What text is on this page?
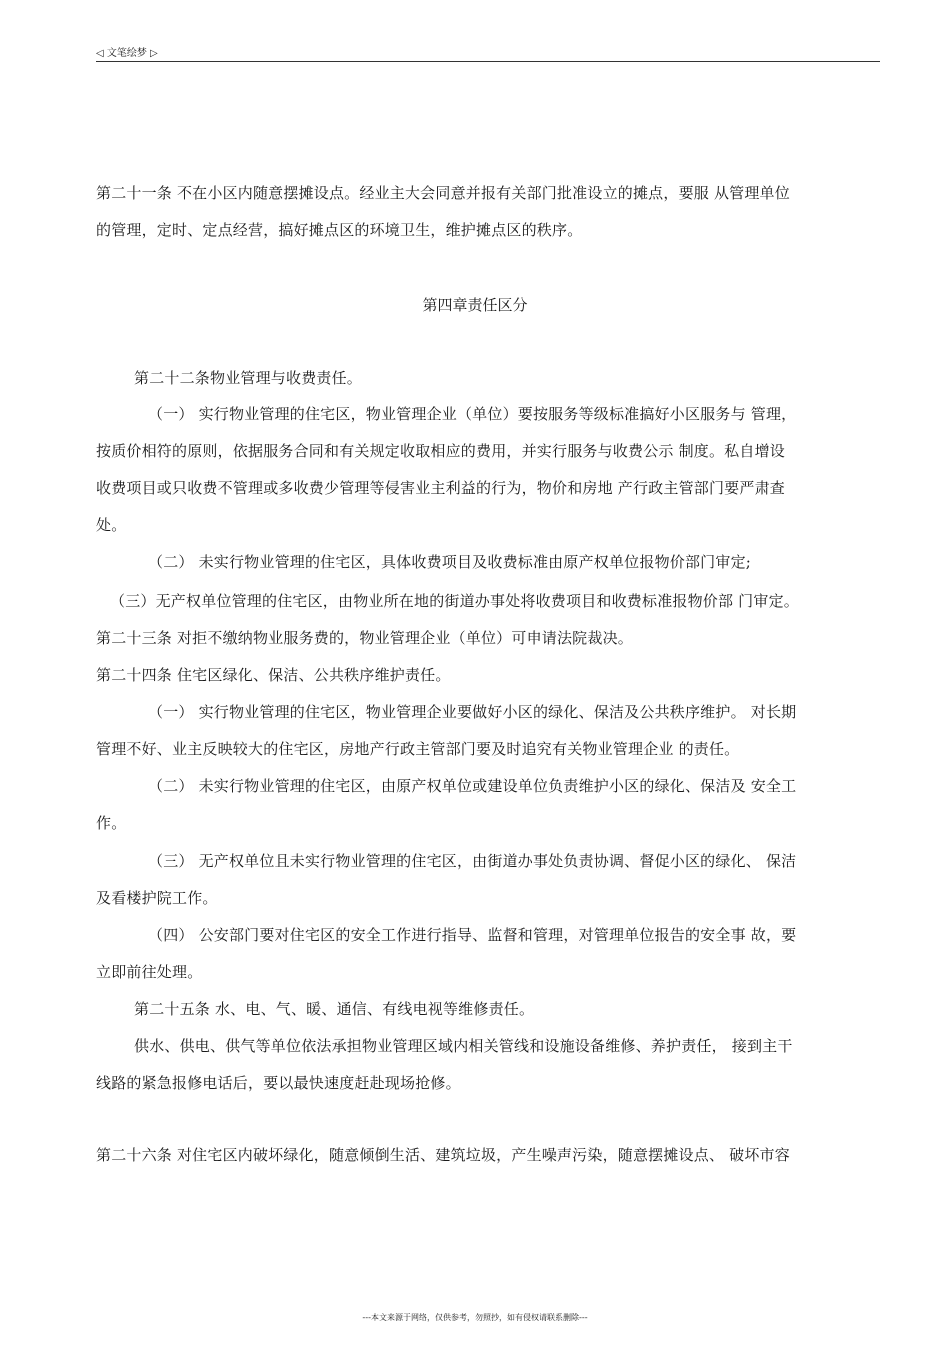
◁ 文笔绘梦 ▷
第二十一条 不在小区内随意摆摊设点。经业主大会同意并报有关部门批准设立的摊点，要服 从管理单位
的管理，定时、定点经营，搞好摊点区的环境卫生，维护摊点区的秩序。
第四章责任区分
第二十二条物业管理与收费责任。
（一） 实行物业管理的住宅区，物业管理企业（单位）要按服务等级标准搞好小区服务与 管理，
按质价相符的原则，依据服务合同和有关规定收取相应的费用，并实行服务与收费公示 制度。私自增设
收费项目或只收费不管理或多收费少管理等侵害业主利益的行为，物价和房地 产行政主管部门要严肃查
处。
（二） 未实行物业管理的住宅区，具体收费项目及收费标准由原产权单位报物价部门审定;
（三）无产权单位管理的住宅区，由物业所在地的街道办事处将收费项目和收费标准报物价部 门审定。
第二十三条 对拒不缴纳物业服务费的，物业管理企业（单位）可申请法院裁决。
第二十四条 住宅区绿化、保洁、公共秩序维护责任。
（一） 实行物业管理的住宅区，物业管理企业要做好小区的绿化、保洁及公共秩序维护。 对长期
管理不好、业主反映较大的住宅区，房地产行政主管部门要及时追究有关物业管理企业 的责任。
（二） 未实行物业管理的住宅区，由原产权单位或建设单位负责维护小区的绿化、保洁及 安全工
作。
（三） 无产权单位且未实行物业管理的住宅区，由街道办事处负责协调、督促小区的绿化、 保洁
及看楼护院工作。
（四） 公安部门要对住宅区的安全工作进行指导、监督和管理，对管理单位报告的安全事 故，要
立即前往处理。
第二十五条 水、电、气、暖、通信、有线电视等维修责任。
供水、供电、供气等单位依法承担物业管理区域内相关管线和设施设备维修、养护责任， 接到主干
线路的紧急报修电话后，要以最快速度赶赴现场抢修。
第二十六条 对住宅区内破坏绿化，随意倾倒生活、建筑垃圾，产生噪声污染，随意摆摊设点、 破坏市容
---本文来源于网络，仅供参考，勿照抄，如有侵权请联系删除---
